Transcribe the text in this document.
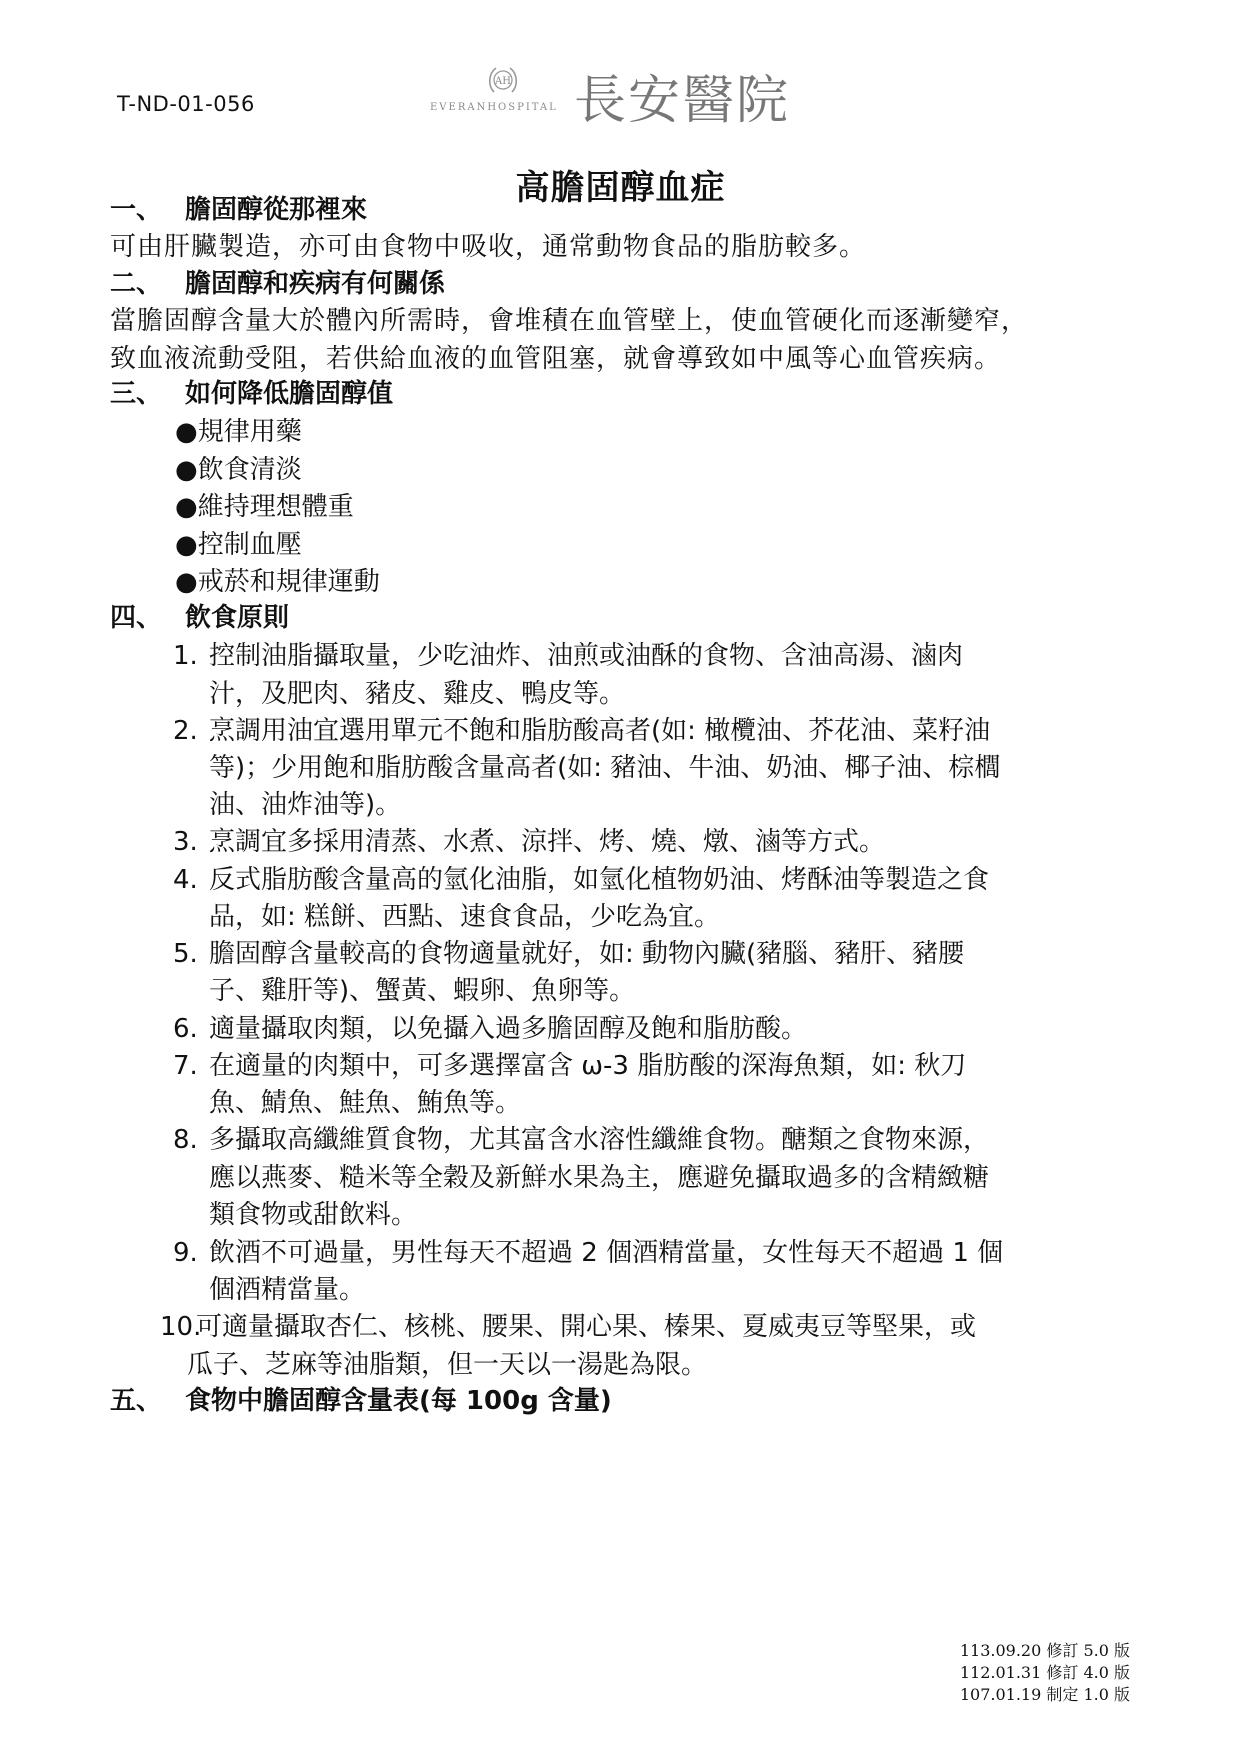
T-ND-01-056
AH
EVERANHOSPITAL 長安醫院
高膽固醇血症
一、 膽固醇從那裡來
可由肝臟製造，亦可由食物中吸收，通常動物食品的脂肪較多。
二、 膽固醇和疾病有何關係
當膽固醇含量大於體內所需時，會堆積在血管壁上，使血管硬化而逐漸變窄，
致血液流動受阻，若供給血液的血管阻塞，就會導致如中風等心血管疾病。
三、 如何降低膽固醇值
●規律用藥
●飲食清淡
●維持理想體重
●控制血壓
●戒菸和規律運動
四、 飲食原則
1. 控制油脂攝取量，少吃油炸、油煎或油酥的食物、含油高湯、滷肉
汁，及肥肉、豬皮、雞皮、鴨皮等。
2. 烹調用油宜選用單元不飽和脂肪酸高者(如: 橄欖油、芥花油、菜籽油
等)；少用飽和脂肪酸含量高者(如: 豬油、牛油、奶油、椰子油、棕櫚
油、油炸油等)。
3. 烹調宜多採用清蒸、水煮、涼拌、烤、燒、燉、滷等方式。
4. 反式脂肪酸含量高的氫化油脂，如氫化植物奶油、烤酥油等製造之食
品，如: 糕餅、西點、速食食品，少吃為宜。
5. 膽固醇含量較高的食物適量就好，如: 動物內臟(豬腦、豬肝、豬腰
子、雞肝等)、蟹黃、蝦卵、魚卵等。
6. 適量攝取肉類，以免攝入過多膽固醇及飽和脂肪酸。
7. 在適量的肉類中，可多選擇富含 ω-3 脂肪酸的深海魚類，如: 秋刀
魚、鯖魚、鮭魚、鮪魚等。
8. 多攝取高纖維質食物，尤其富含水溶性纖維食物。醣類之食物來源，
應以燕麥、糙米等全穀及新鮮水果為主，應避免攝取過多的含精緻糖
類食物或甜飲料。
9. 飲酒不可過量，男性每天不超過 2 個酒精當量，女性每天不超過 1 個
個酒精當量。
10.可適量攝取杏仁、核桃、腰果、開心果、榛果、夏威夷豆等堅果，或
瓜子、芝麻等油脂類，但一天以一湯匙為限。
五、 食物中膽固醇含量表(每 100g 含量)
113.09.20 修訂 5.0 版
112.01.31 修訂 4.0 版
107.01.19 制定 1.0 版
